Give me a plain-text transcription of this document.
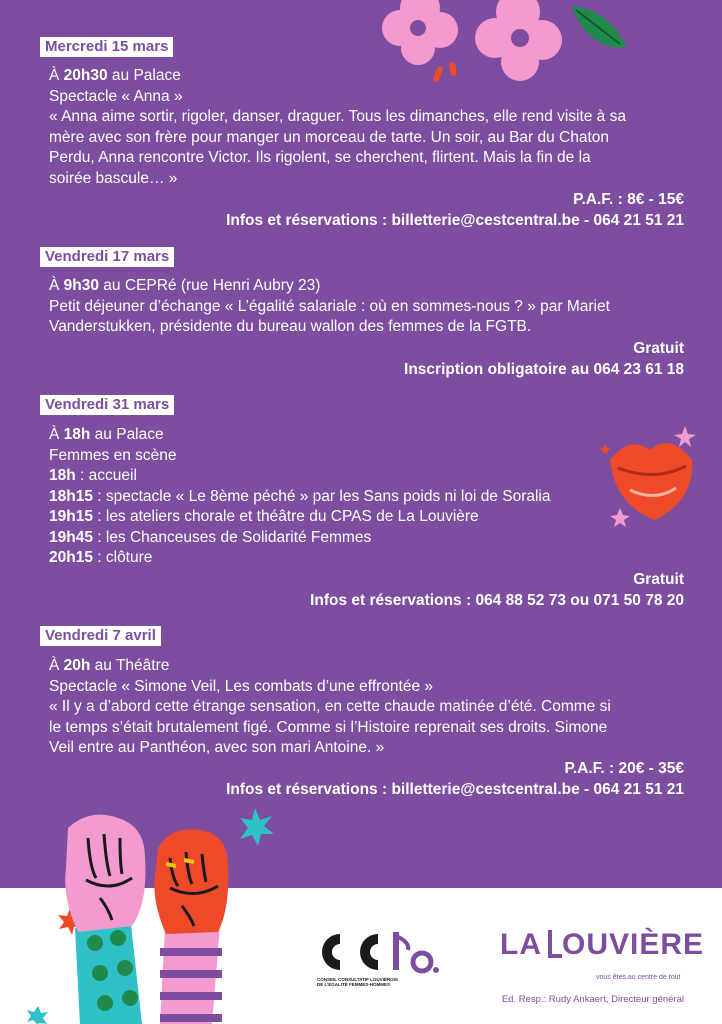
Mercredi 15 mars
À 20h30 au Palace
Spectacle « Anna »
« Anna aime sortir, rigoler, danser, draguer. Tous les dimanches, elle rend visite à sa
mère avec son frère pour manger un morceau de tarte. Un soir, au Bar du Chaton
Perdu, Anna rencontre Victor. Ils rigolent, se cherchent, flirtent. Mais la fin de la
soirée bascule… »
P.A.F. : 8€ - 15€
Infos et réservations : billetterie@cestcentral.be - 064 21 51 21
Vendredi 17 mars
À 9h30 au CEPRé (rue Henri Aubry 23)
Petit déjeuner d’échange « L’égalité salariale : où en sommes-nous ? » par Mariet
Vanderstukken, présidente du bureau wallon des femmes de la FGTB.
Gratuit
Inscription obligatoire au 064 23 61 18
Vendredi 31 mars
À 18h au Palace
Femmes en scène
18h : accueil
18h15 : spectacle « Le 8ème péché » par les Sans poids ni loi de Soralia
19h15 : les ateliers chorale et théâtre du CPAS de La Louvière
19h45 : les Chanceuses de Solidarité Femmes
20h15 : clôture
Gratuit
Infos et réservations : 064 88 52 73 ou 071 50 78 20
Vendredi 7 avril
À 20h au Théâtre
Spectacle « Simone Veil, Les combats d’une effrontée »
« Il y a d’abord cette étrange sensation, en cette chaude matinée d’été. Comme si
le temps s’était brutalement figé. Comme si l’Histoire reprenait ses droits. Simone
Veil entre au Panthéon, avec son mari Antoine. »
P.A.F. : 20€ - 35€
Infos et réservations : billetterie@cestcentral.be - 064 21 51 21
CONSEIL CONSULTATIF LOUVIÉROIS
DE L’ÉGALITÉ FEMMES-HOMMES
LA OUVIÈRE
vous êtes au centre de tout
Ed. Resp.: Rudy Ankaert, Directeur général
